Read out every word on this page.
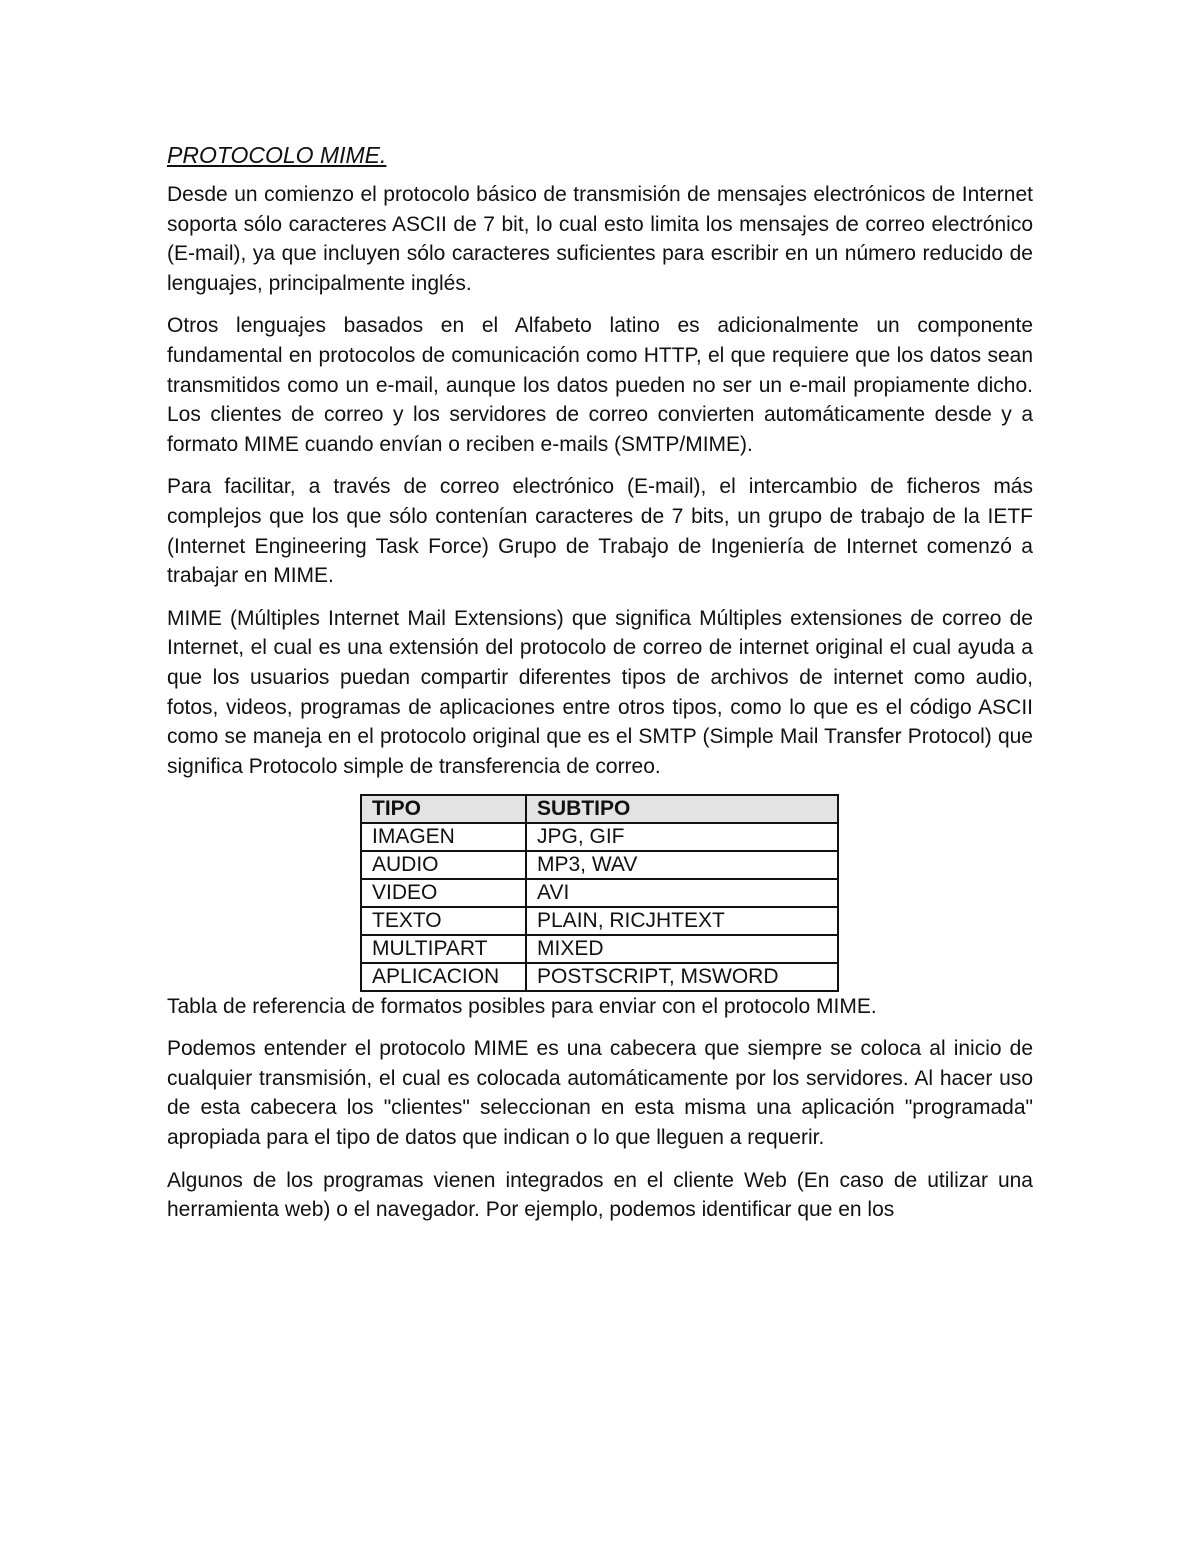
PROTOCOLO MIME.

Desde un comienzo el protocolo básico de transmisión de mensajes electrónicos de Internet soporta sólo caracteres ASCII de 7 bit, lo cual esto limita los mensajes de correo electrónico (E-mail), ya que incluyen sólo caracteres suficientes para escribir en un número reducido de lenguajes, principalmente inglés.

Otros lenguajes basados en el Alfabeto latino es adicionalmente un componente fundamental en protocolos de comunicación como HTTP, el que requiere que los datos sean transmitidos como un e-mail, aunque los datos pueden no ser un e-mail propiamente dicho. Los clientes de correo y los servidores de correo convierten automáticamente desde y a formato MIME cuando envían o reciben e-mails (SMTP/MIME).

Para facilitar, a través de correo electrónico (E-mail), el intercambio de ficheros más complejos que los que sólo contenían caracteres de 7 bits, un grupo de trabajo de la IETF (Internet Engineering Task Force) Grupo de Trabajo de Ingeniería de Internet comenzó a trabajar en MIME.

MIME (Múltiples Internet Mail Extensions) que significa Múltiples extensiones de correo de Internet, el cual es una extensión del protocolo de correo de internet original el cual ayuda a que los usuarios puedan compartir diferentes tipos de archivos de internet como audio, fotos, videos, programas de aplicaciones entre otros tipos, como lo que es el código ASCII como se maneja en el protocolo original que es el SMTP (Simple Mail Transfer Protocol) que significa Protocolo simple de transferencia de correo.

TIPO	SUBTIPO
IMAGEN	JPG, GIF
AUDIO	MP3, WAV
VIDEO	AVI
TEXTO	PLAIN, RICJHTEXT
MULTIPART	MIXED
APLICACION	POSTSCRIPT, MSWORD

Tabla de referencia de formatos posibles para enviar con el protocolo MIME.

Podemos entender el protocolo MIME es una cabecera que siempre se coloca al inicio de cualquier transmisión, el cual es colocada automáticamente por los servidores. Al hacer uso de esta cabecera los "clientes" seleccionan en esta misma una aplicación "programada" apropiada para el tipo de datos que indican o lo que lleguen a requerir.

Algunos de los programas vienen integrados en el cliente Web (En caso de utilizar una herramienta web) o el navegador. Por ejemplo, podemos identificar que en los
